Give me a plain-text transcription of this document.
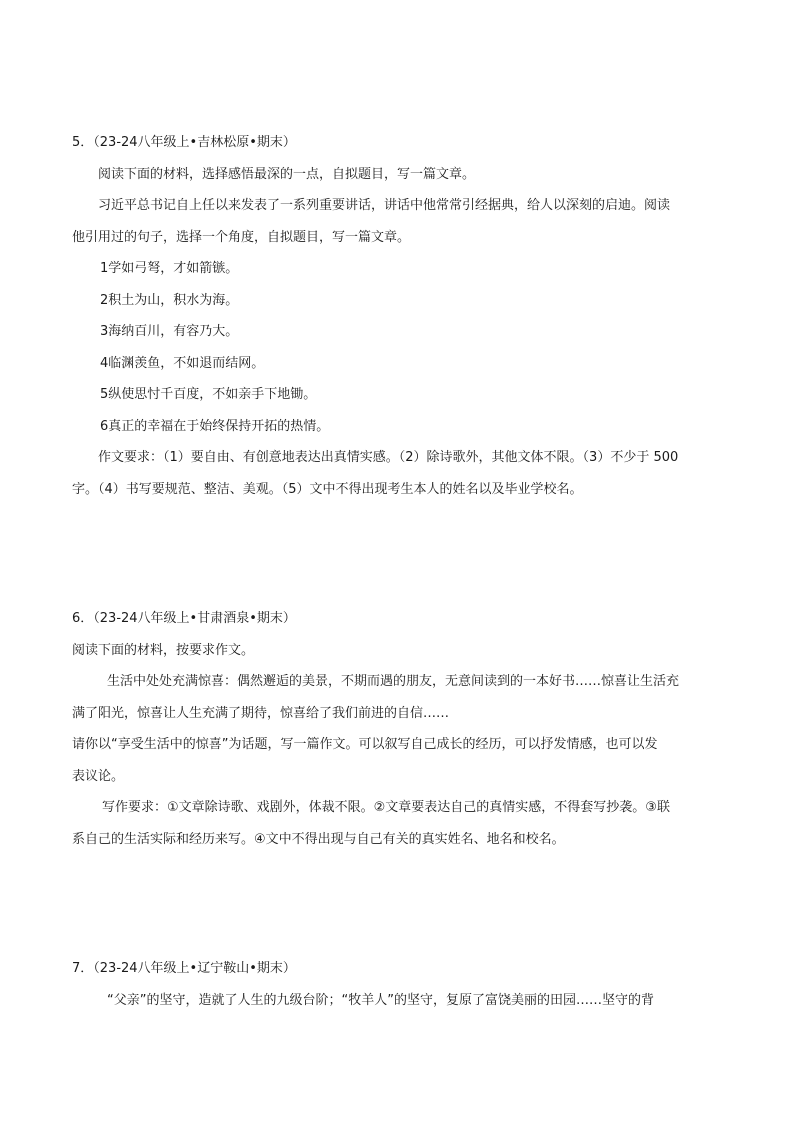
5．（23-24八年级上•吉林松原•期末）
阅读下面的材料，选择感悟最深的一点，自拟题目，写一篇文章。
习近平总书记自上任以来发表了一系列重要讲话，讲话中他常常引经据典，给人以深刻的启迪。阅读
他引用过的句子，选择一个角度，自拟题目，写一篇文章。
1学如弓弩，才如箭镞。
2积土为山，积水为海。
3海纳百川，有容乃大。
4临渊羡鱼，不如退而结网。
5纵使思忖千百度，不如亲手下地锄。
6真正的幸福在于始终保持开拓的热情。
作文要求：（1）要自由、有创意地表达出真情实感。（2）除诗歌外，其他文体不限。（3）不少于 500
字。（4）书写要规范、整洁、美观。（5）文中不得出现考生本人的姓名以及毕业学校名。
6．（23-24八年级上•甘肃酒泉•期末）
阅读下面的材料，按要求作文。
生活中处处充满惊喜：偶然邂逅的美景，不期而遇的朋友，无意间读到的一本好书……惊喜让生活充
满了阳光，惊喜让人生充满了期待，惊喜给了我们前进的自信……
请你以“享受生活中的惊喜”为话题，写一篇作文。可以叙写自己成长的经历，可以抒发情感，也可以发
表议论。
写作要求：①文章除诗歌、戏剧外，体裁不限。②文章要表达自己的真情实感，不得套写抄袭。③联
系自己的生活实际和经历来写。④文中不得出现与自己有关的真实姓名、地名和校名。
7．（23-24八年级上•辽宁鞍山•期末）
“父亲”的坚守，造就了人生的九级台阶；“牧羊人”的坚守，复原了富饶美丽的田园……坚守的背
